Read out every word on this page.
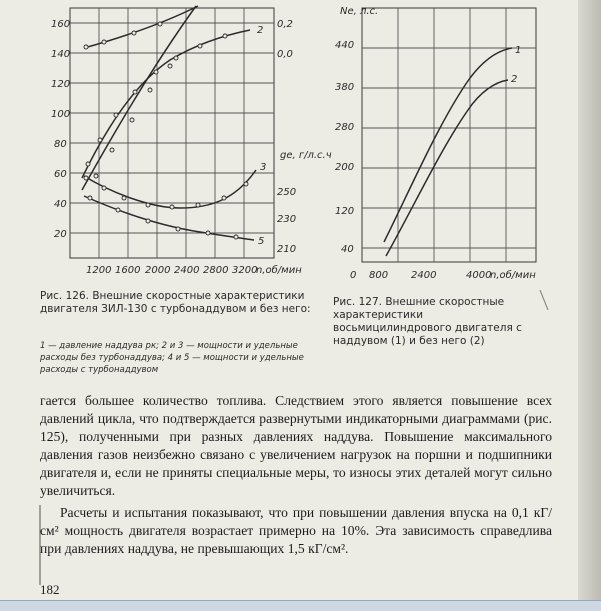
160
140
120
100
80
60
40
20
0,2
0,0
gе, г/л.с.ч
250
230
210
2
3
5
1200 1600 2000 2400 2800 3200
n,об/мин
440
380
280
200
120
40
Nе, л.с.
1
2
0 800 2400	4000
n,об/мин
Рис. 126. Внешние скоростные характеристики двигателя ЗИЛ-130 с турбонаддувом и без него:
1 — давление наддува pк; 2 и 3 — мощности и удельные расходы без турбонаддува; 4 и 5 — мощности и удельные расходы с турбонаддувом
Рис. 127. Внешние скоростные характеристики восьмицилиндрового двигателя с наддувом (1) и без него (2)
гается большее количество топлива. Следствием этого является повышение всех давлений цикла, что подтверждается развернутыми индикаторными диаграммами (рис. 125), полученными при разных давлениях наддува. Повышение максимального давления газов неизбежно связано с увеличением нагрузок на поршни и подшипники двигателя и, если не приняты специальные меры, то износы этих деталей могут сильно увеличиться.
Расчеты и испытания показывают, что при повышении давления впуска на 0,1 кГ/см² мощность двигателя возрастает примерно на 10%. Эта зависимость справедлива при давлениях наддува, не превышающих 1,5 кГ/см².
182
